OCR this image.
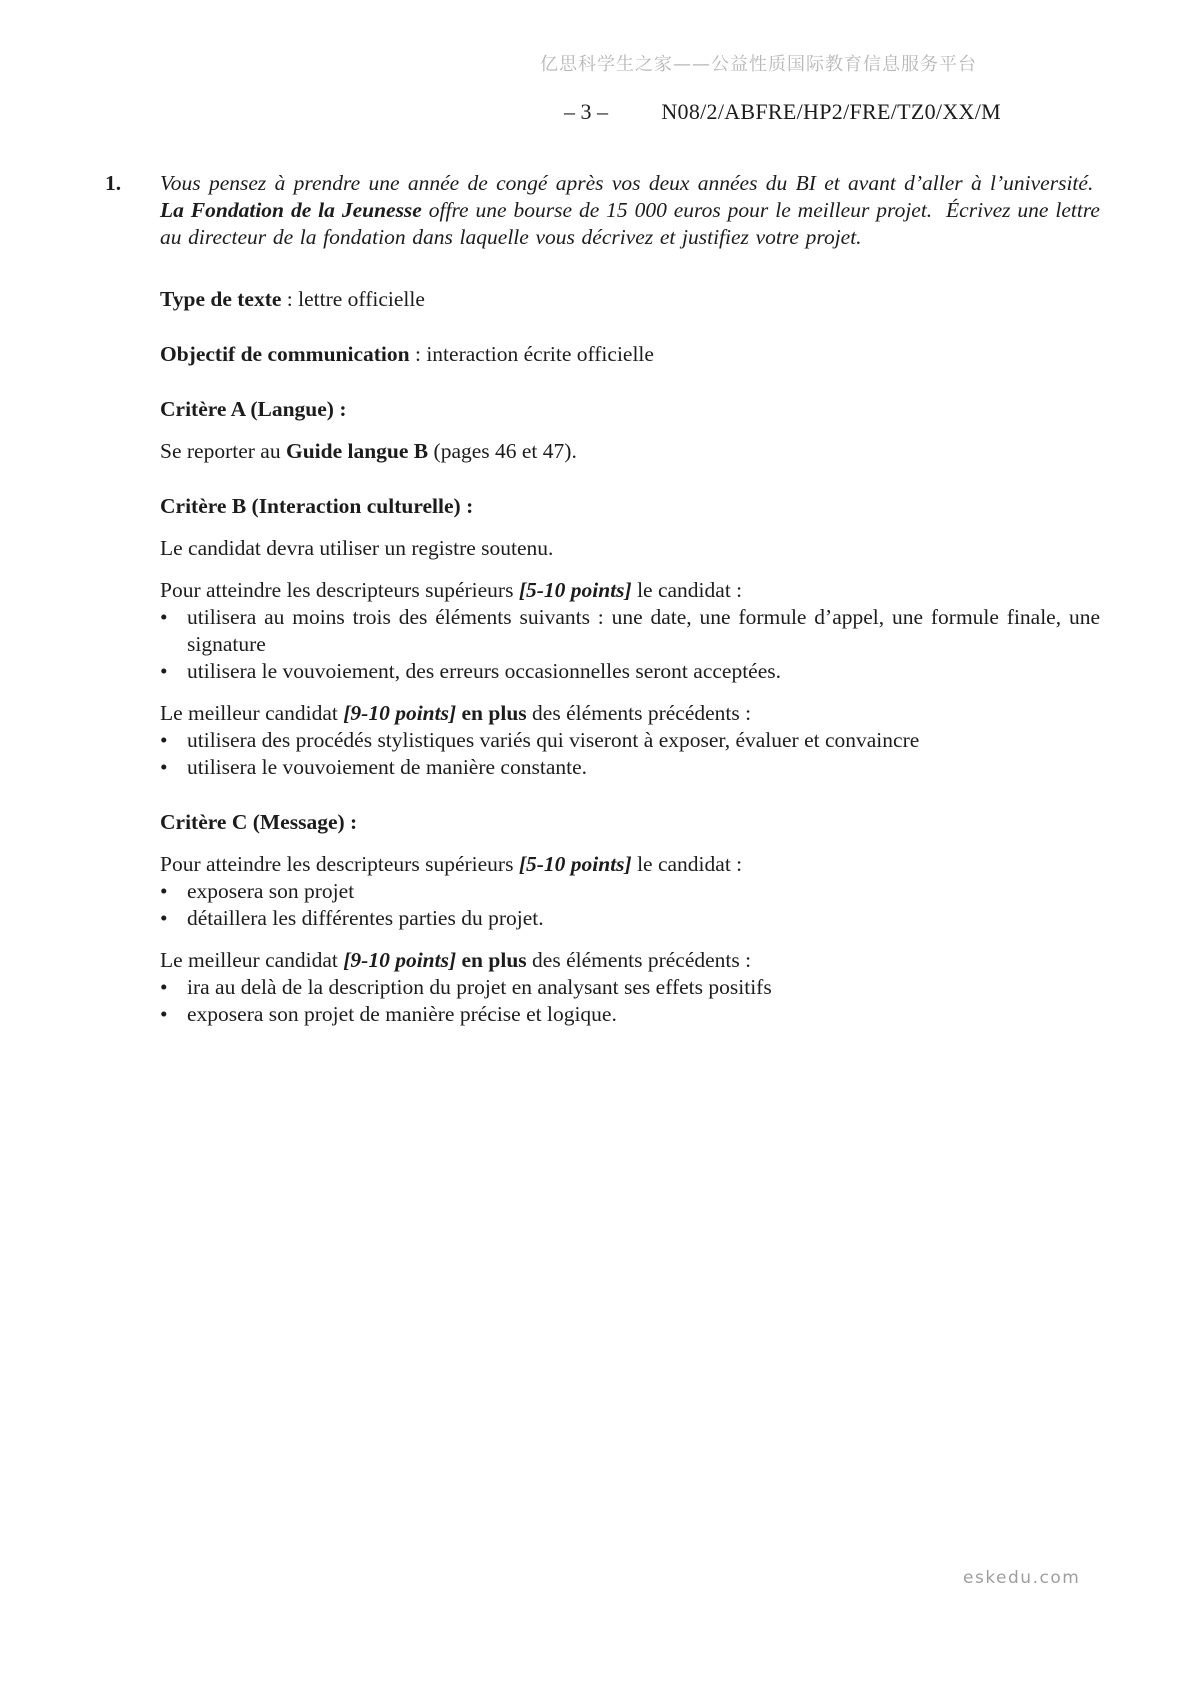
亿思科学生之家——公益性质国际教育信息服务平台
– 3 –	N08/2/ABFRE/HP2/FRE/TZ0/XX/M
1. Vous pensez à prendre une année de congé après vos deux années du BI et avant d’aller à l’université.  La Fondation de la Jeunesse offre une bourse de 15 000 euros pour le meilleur projet.  Écrivez une lettre au directeur de la fondation dans laquelle vous décrivez et justifiez votre projet.

Type de texte : lettre officielle

Objectif de communication : interaction écrite officielle

Critère A (Langue) :

Se reporter au Guide langue B (pages 46 et 47).

Critère B (Interaction culturelle) :

Le candidat devra utiliser un registre soutenu.

Pour atteindre les descripteurs supérieurs [5-10 points] le candidat :

• utilisera au moins trois des éléments suivants : une date, une formule d’appel, une formule finale, une signature
• utilisera le vouvoiement, des erreurs occasionnelles seront acceptées.

Le meilleur candidat [9-10 points] en plus des éléments précédents :

• utilisera des procédés stylistiques variés qui viseront à exposer, évaluer et convaincre
• utilisera le vouvoiement de manière constante.
Critère C (Message) :

Pour atteindre les descripteurs supérieurs [5-10 points] le candidat :

• exposera son projet
• détaillera les différentes parties du projet.

Le meilleur candidat [9-10 points] en plus des éléments précédents :

• ira au delà de la description du projet en analysant ses effets positifs
• exposera son projet de manière précise et logique.
eskedu.com
